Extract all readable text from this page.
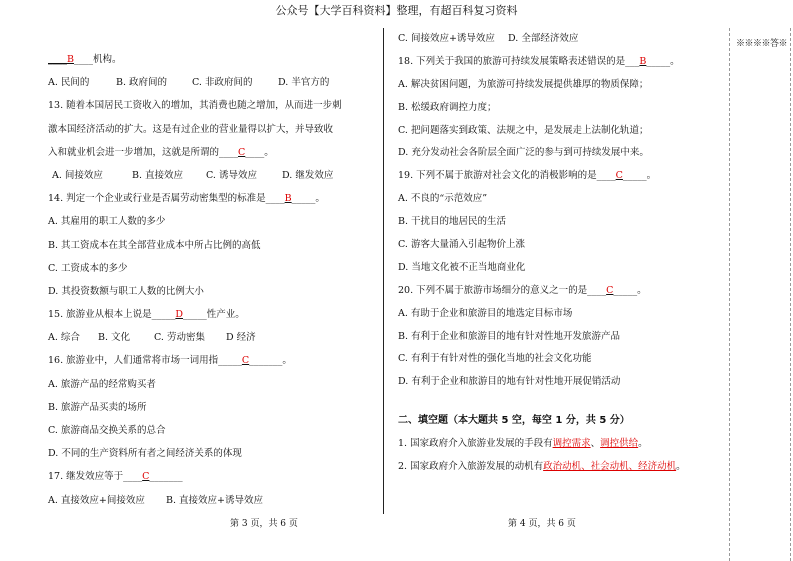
公众号【大学百科资料】整理，有超百科复习资料
※※※※答※
____B____机构。
A. 民间的	B. 政府间的	C. 非政府间的	D. 半官方的
13. 随着本国居民工资收入的增加，其消费也随之增加，从而进一步刺
激本国经济活动的扩大。这是有过企业的营业量得以扩大，并导致收
入和就业机会进一步增加，这就是所谓的____C____。
A. 间接效应	B. 直接效应 C. 诱导效应	D. 继发效应
14. 判定一个企业或行业是否属劳动密集型的标准是____B_____。
A. 其雇用的职工人数的多少
B. 其工资成本在其全部营业成本中所占比例的高低
C. 工资成本的多少
D. 其投资数额与职工人数的比例大小
15. 旅游业从根本上说是_____D_____性产业。
A. 综合 B. 文化	C. 劳动密集 D 经济
16. 旅游业中，人们通常将市场一词用指_____C_______。
A. 旅游产品的经常购买者
B. 旅游产品买卖的场所
C. 旅游商品交换关系的总合
D. 不同的生产资料所有者之间经济关系的体现
17. 继发效应等于____C_______
A. 直接效应+间接效应 B. 直接效应+诱导效应
第 3 页，共 6 页
C. 间接效应+诱导效应 D. 全部经济效应
18. 下列关于我国的旅游可持续发展策略表述错误的是___B_____。
A. 解决贫困问题，为旅游可持续发展提供雄厚的物质保障；
B. 松缓政府调控力度；
C. 把问题落实到政策、法规之中，是发展走上法制化轨道；
D. 充分发动社会各阶层全面广泛的参与到可持续发展中来。
19. 下列不属于旅游对社会文化的消极影响的是____C_____。
A. 不良的“示范效应”
B. 干扰目的地居民的生活
C. 游客大量涌入引起物价上涨
D. 当地文化被不正当地商业化
20. 下列不属于旅游市场细分的意义之一的是____C_____。
A. 有助于企业和旅游目的地选定目标市场
B. 有利于企业和旅游目的地有针对性地开发旅游产品
C. 有利于有针对性的强化当地的社会文化功能
D. 有利于企业和旅游目的地有针对性地开展促销活动
二、填空题（本大题共 5 空，每空 1 分，共 5 分）
1. 国家政府介入旅游业发展的手段有调控需求、调控供给。
2. 国家政府介入旅游发展的动机有政治动机、社会动机、经济动机。
第 4 页，共 6 页
